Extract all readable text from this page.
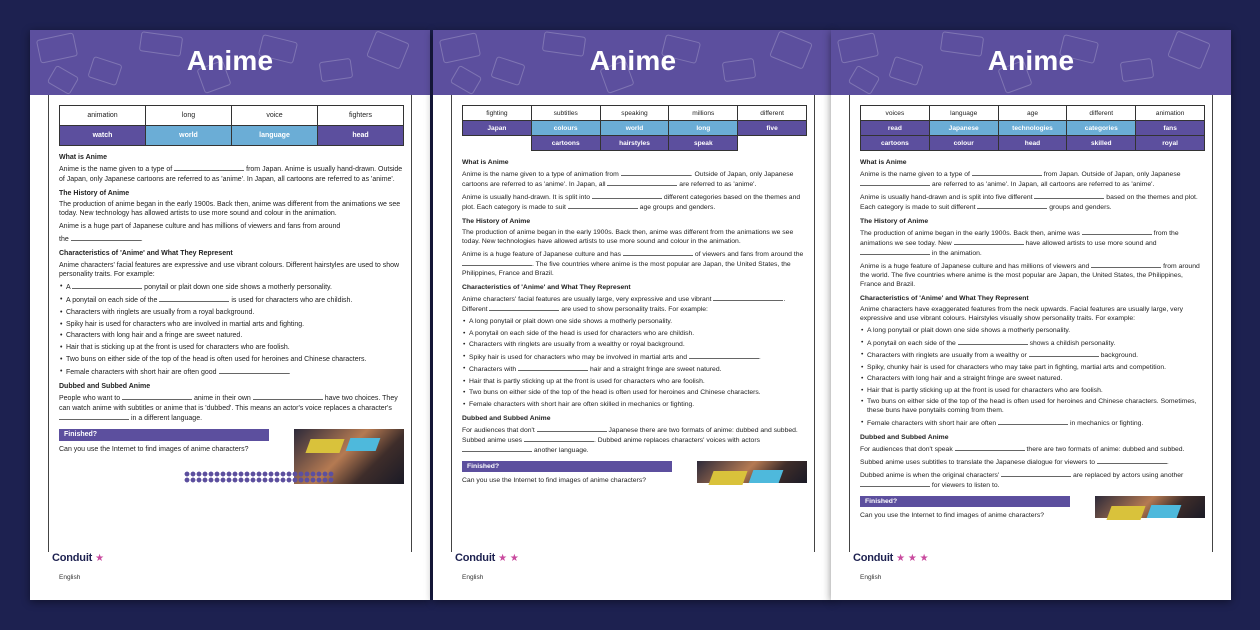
Anime
animation	long	voice	fighters
watch	world	language	head
What is Anime
Anime is the name given to a type of	from Japan. Anime is usually hand-drawn. Outside of Japan, only Japanese cartoons are referred to as 'anime'. In Japan, all cartoons are referred to as 'anime'.
The History of Anime
The production of anime began in the early 1900s. Back then, anime was different from the animations we see today. New technology has allowed artists to use more sound and colour in the animation.
Anime is a huge part of Japanese culture and has millions of viewers and fans from around
the	.
Characteristics of 'Anime' and What They Represent
Anime characters' facial features are expressive and use vibrant colours. Different hairstyles are used to show personality traits. For example:
• A	ponytail or plait down one side shows a motherly personality.
• A ponytail on each side of the	is used for characters who are childish.
• Characters with ringlets are usually from a royal background.
• Spiky hair is used for characters who are involved in martial arts and fighting.
• Characters with long hair and a fringe are sweet natured.
• Hair that is sticking up at the front is used for characters who are foolish.
• Two buns on either side of the top of the head is often used for heroines and Chinese characters.
• Female characters with short hair are often good	.
Dubbed and Subbed Anime
People who want to	anime in their own	have two choices. They can watch anime with subtitles or anime that is 'dubbed'. This means an actor's voice replaces a character's  in a different language.
Finished?
Can you use the Internet to find images of anime characters?
Conduit ★
English
Anime
fighting	subtitles	speaking	millions	different
Japan	colours	world	long	five
	cartoons	hairstyles	speak	
What is Anime
Anime is the name given to a type of animation from	. Outside of Japan, only Japanese cartoons are referred to as 'anime'. In Japan, all	are referred to as 'anime'.
Anime is usually hand-drawn. It is split into	different categories based on the themes and plot. Each category is made to suit	age groups and genders.
The History of Anime
The production of anime began in the early 1900s. Back then, anime was different from the animations we see today. New technologies have allowed artists to use more sound and colour in the animation.
Anime is a huge feature of Japanese culture and has	of viewers and fans from around the . The five countries where anime is the most popular are Japan, the United States, the Philippines, France and Brazil.
Characteristics of 'Anime' and What They Represent
Anime characters' facial features are usually large, very expressive and use vibrant	. Different	are used to show personality traits. For example:
• A long ponytail or plait down one side shows a motherly personality.
• A ponytail on each side of the head is used for characters who are childish.
• Characters with ringlets are usually from a wealthy or royal background.
• Spiky hair is used for characters who may be involved in martial arts and	.
• Characters with	hair and a straight fringe are sweet natured.
• Hair that is partly sticking up at the front is used for characters who are foolish.
• Two buns on either side of the top of the head is often used for heroines and Chinese characters.
• Female characters with short hair are often skilled in mechanics or fighting.
Dubbed and Subbed Anime
For audiences that don't	Japanese there are two formats of anime: dubbed and subbed. Subbed anime uses	. Dubbed anime replaces characters' voices with actors  another language.
Finished?
Can you use the Internet to find images of anime characters?
Conduit ★ ★
English
Anime
voices	language	age	different	animation
read	Japanese	technologies	categories	fans
cartoons	colour	head	skilled	royal
What is Anime
Anime is the name given to a type of	from Japan. Outside of Japan, only Japanese  are referred to as 'anime'. In Japan, all cartoons are referred to as 'anime'.
Anime is usually hand-drawn and is split into five different	based on the themes and plot. Each category is made to suit different	groups and genders.
The History of Anime
The production of anime began in the early 1900s. Back then, anime was	from the animations we see today. New	have allowed artists to use more sound and  in the animation.
Anime is a huge feature of Japanese culture and has millions of viewers and	from around the world. The five countries where anime is the most popular are Japan, the United States, the Philippines, France and Brazil.
Characteristics of 'Anime' and What They Represent
Anime characters have exaggerated features from the neck upwards. Facial features are usually large, very expressive and use vibrant colours. Hairstyles visually show personality traits. For example:
• A long ponytail or plait down one side shows a motherly personality.
• A ponytail on each side of the	shows a childish personality.
• Characters with ringlets are usually from a wealthy or	background.
• Spiky, chunky hair is used for characters who may take part in fighting, martial arts and competition.
• Characters with long hair and a straight fringe are sweet natured.
• Hair that is partly sticking up at the front is used for characters who are foolish.
• Two buns on either side of the top of the head is often used for heroines and Chinese characters. Sometimes, these buns have ponytails coming from them.
• Female characters with short hair are often	in mechanics or fighting.
Dubbed and Subbed Anime
For audiences that don't speak	there are two formats of anime: dubbed and subbed.
Subbed anime uses subtitles to translate the Japanese dialogue for viewers to	.
Dubbed anime is when the original characters'	are replaced by actors using another  for viewers to listen to.
Finished?
Can you use the Internet to find images of anime characters?
Conduit ★ ★ ★
English
